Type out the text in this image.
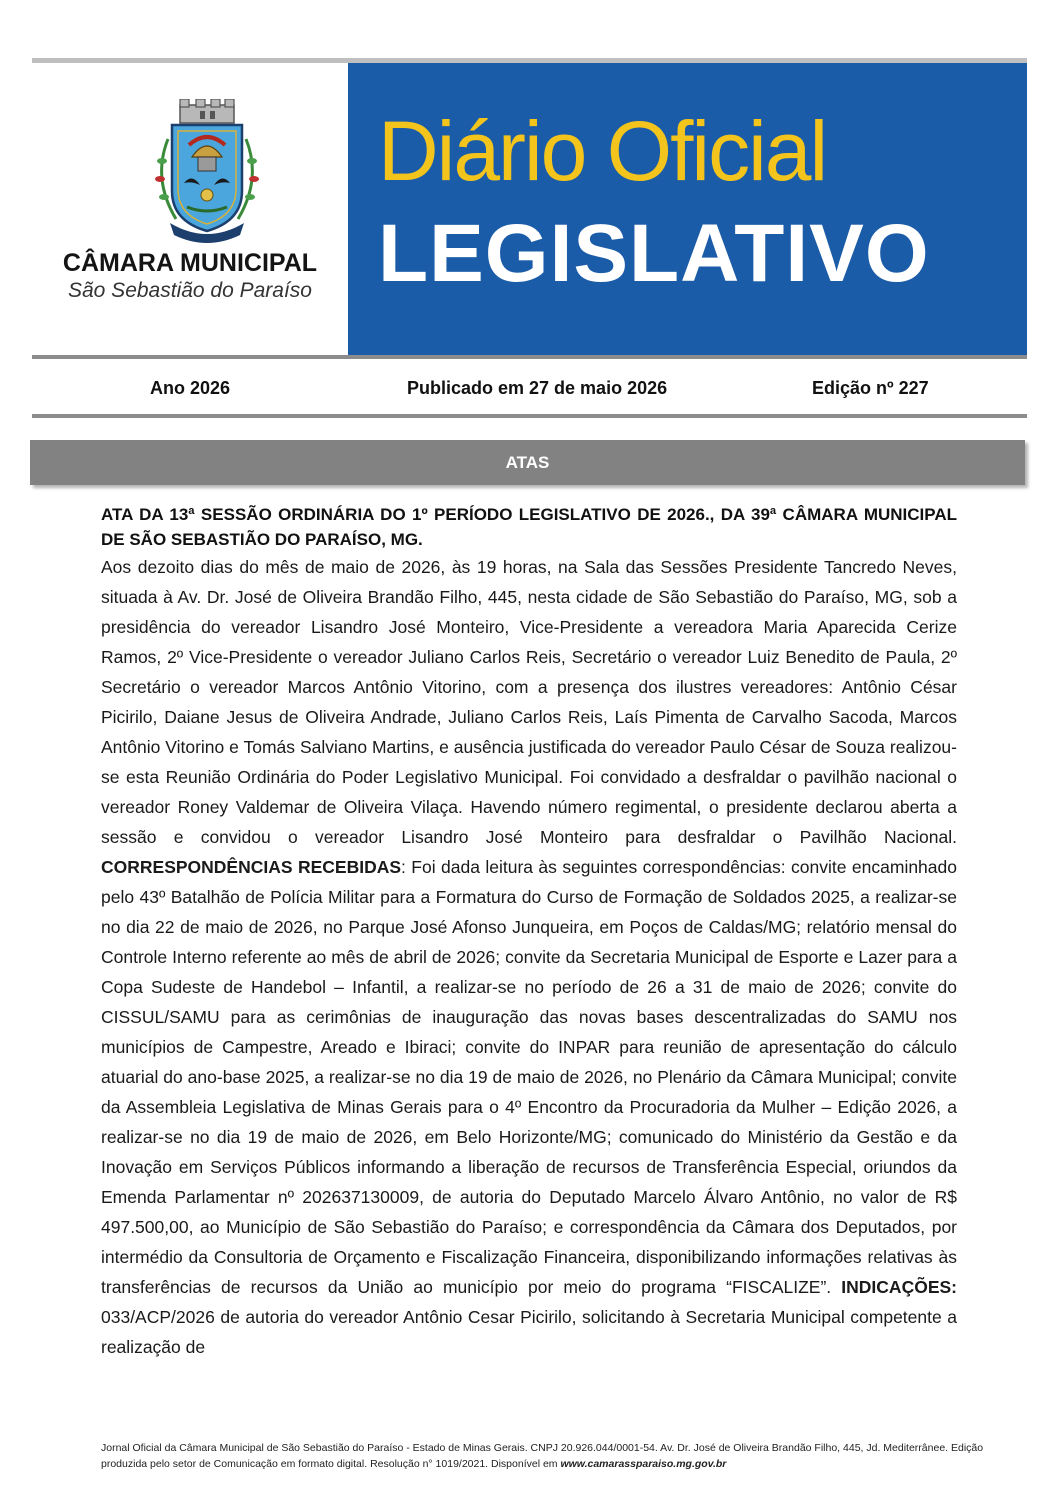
CÂMARA MUNICIPAL
São Sebastião do Paraíso
Diário Oficial
LEGISLATIVO
Ano 2026	Publicado em 27 de maio 2026	Edição nº 227
ATAS

ATA DA 13ª SESSÃO ORDINÁRIA DO 1º PERÍODO LEGISLATIVO DE 2026., DA 39ª CÂMARA MUNICIPAL DE SÃO SEBASTIÃO DO PARAÍSO, MG.

Aos dezoito dias do mês de maio de 2026, às 19 horas, na Sala das Sessões Presidente Tancredo Neves, situada à Av. Dr. José de Oliveira Brandão Filho, 445, nesta cidade de São Sebastião do Paraíso, MG, sob a presidência do vereador Lisandro José Monteiro, Vice-Presidente a vereadora Maria Aparecida Cerize Ramos, 2º Vice-Presidente o vereador Juliano Carlos Reis, Secretário o vereador Luiz Benedito de Paula, 2º Secretário o vereador Marcos Antônio Vitorino, com a presença dos ilustres vereadores: Antônio César Picirilo, Daiane Jesus de Oliveira Andrade, Juliano Carlos Reis, Laís Pimenta de Carvalho Sacoda, Marcos Antônio Vitorino e Tomás Salviano Martins, e ausência justificada do vereador Paulo César de Souza realizou-se esta Reunião Ordinária do Poder Legislativo Municipal. Foi convidado a desfraldar o pavilhão nacional o vereador Roney Valdemar de Oliveira Vilaça. Havendo número regimental, o presidente declarou aberta a sessão e convidou o vereador Lisandro José Monteiro para desfraldar o Pavilhão Nacional. CORRESPONDÊNCIAS RECEBIDAS: Foi dada leitura às seguintes correspondências: convite encaminhado pelo 43º Batalhão de Polícia Militar para a Formatura do Curso de Formação de Soldados 2025, a realizar-se no dia 22 de maio de 2026, no Parque José Afonso Junqueira, em Poços de Caldas/MG; relatório mensal do Controle Interno referente ao mês de abril de 2026; convite da Secretaria Municipal de Esporte e Lazer para a Copa Sudeste de Handebol – Infantil, a realizar-se no período de 26 a 31 de maio de 2026; convite do CISSUL/SAMU para as cerimônias de inauguração das novas bases descentralizadas do SAMU nos municípios de Campestre, Areado e Ibiraci; convite do INPAR para reunião de apresentação do cálculo atuarial do ano-base 2025, a realizar-se no dia 19 de maio de 2026, no Plenário da Câmara Municipal; convite da Assembleia Legislativa de Minas Gerais para o 4º Encontro da Procuradoria da Mulher – Edição 2026, a realizar-se no dia 19 de maio de 2026, em Belo Horizonte/MG; comunicado do Ministério da Gestão e da Inovação em Serviços Públicos informando a liberação de recursos de Transferência Especial, oriundos da Emenda Parlamentar nº 202637130009, de autoria do Deputado Marcelo Álvaro Antônio, no valor de R$ 497.500,00, ao Município de São Sebastião do Paraíso; e correspondência da Câmara dos Deputados, por intermédio da Consultoria de Orçamento e Fiscalização Financeira, disponibilizando informações relativas às transferências de recursos da União ao município por meio do programa “FISCALIZE”. INDICAÇÕES: 033/ACP/2026 de autoria do vereador Antônio Cesar Picirilo, solicitando à Secretaria Municipal competente a realização de

Jornal Oficial da Câmara Municipal de São Sebastião do Paraíso - Estado de Minas Gerais. CNPJ 20.926.044/0001-54. Av. Dr. José de Oliveira Brandão Filho, 445, Jd. Mediterrânee. Edição produzida pelo setor de Comunicação em formato digital. Resolução n° 1019/2021. Disponível em www.camarassparaiso.mg.gov.br
